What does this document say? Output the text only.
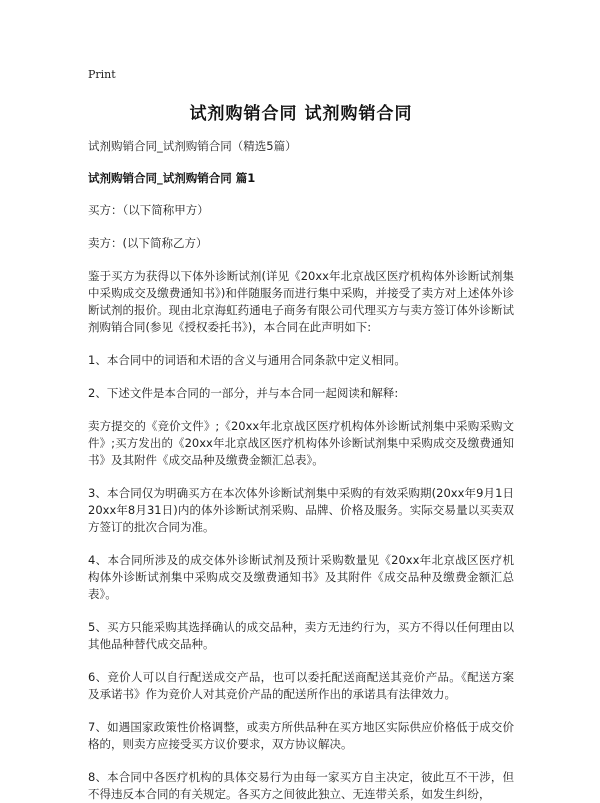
Print
试剂购销合同 试剂购销合同
试剂购销合同_试剂购销合同（精选5篇）
试剂购销合同_试剂购销合同 篇1
买方：（以下简称甲方）
卖方：(以下简称乙方）
鉴于买方为获得以下体外诊断试剂(详见《20xx年北京战区医疗机构体外诊断试剂集中采购成交及缴费通知书》)和伴随服务而进行集中采购，并接受了卖方对上述体外诊断试剂的报价。现由北京海虹药通电子商务有限公司代理买方与卖方签订体外诊断试剂购销合同(参见《授权委托书》)，本合同在此声明如下:
1、本合同中的词语和术语的含义与通用合同条款中定义相同。
2、下述文件是本合同的一部分，并与本合同一起阅读和解释:
卖方提交的《竞价文件》;《20xx年北京战区医疗机构体外诊断试剂集中采购采购文件》;买方发出的《20xx年北京战区医疗机构体外诊断试剂集中采购成交及缴费通知书》及其附件《成交品种及缴费金额汇总表》。
3、本合同仅为明确买方在本次体外诊断试剂集中采购的有效采购期(20xx年9月1日20xx年8月31日)内的体外诊断试剂采购、品牌、价格及服务。实际交易量以买卖双方签订的批次合同为准。
4、本合同所涉及的成交体外诊断试剂及预计采购数量见《20xx年北京战区医疗机构体外诊断试剂集中采购成交及缴费通知书》及其附件《成交品种及缴费金额汇总表》。
5、买方只能采购其选择确认的成交品种，卖方无违约行为，买方不得以任何理由以其他品种替代成交品种。
6、竞价人可以自行配送成交产品，也可以委托配送商配送其竞价产品。《配送方案及承诺书》作为竞价人对其竞价产品的配送所作出的承诺具有法律效力。
7、如遇国家政策性价格调整，或卖方所供品种在买方地区实际供应价格低于成交价格的，则卖方应接受买方议价要求，双方协议解决。
8、本合同中各医疗机构的具体交易行为由每一家买方自主决定，彼此互不干涉，但不得违反本合同的有关规定。各买方之间彼此独立、无连带关系，如发生纠纷，
